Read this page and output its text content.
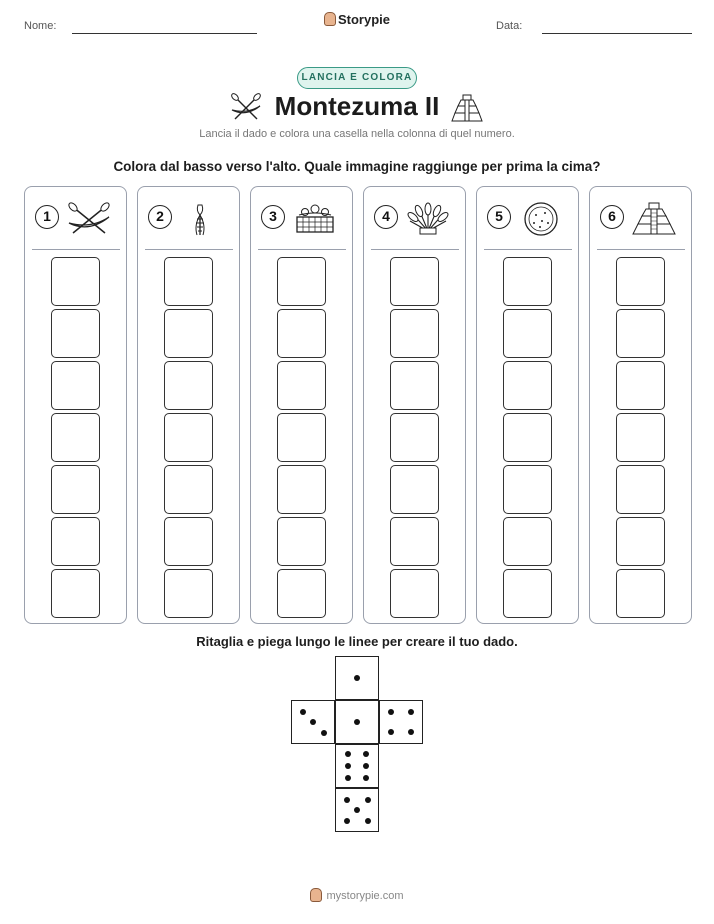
Nome:	Storypie	Data:
LANCIA E COLORA
Montezuma II
Lancia il dado e colora una casella nella colonna di quel numero.
Colora dal basso verso l'alto. Quale immagine raggiunge per prima la cima?
1	2	3	4	5	6
Ritaglia e piega lungo le linee per creare il tuo dado.
mystorypie.com
